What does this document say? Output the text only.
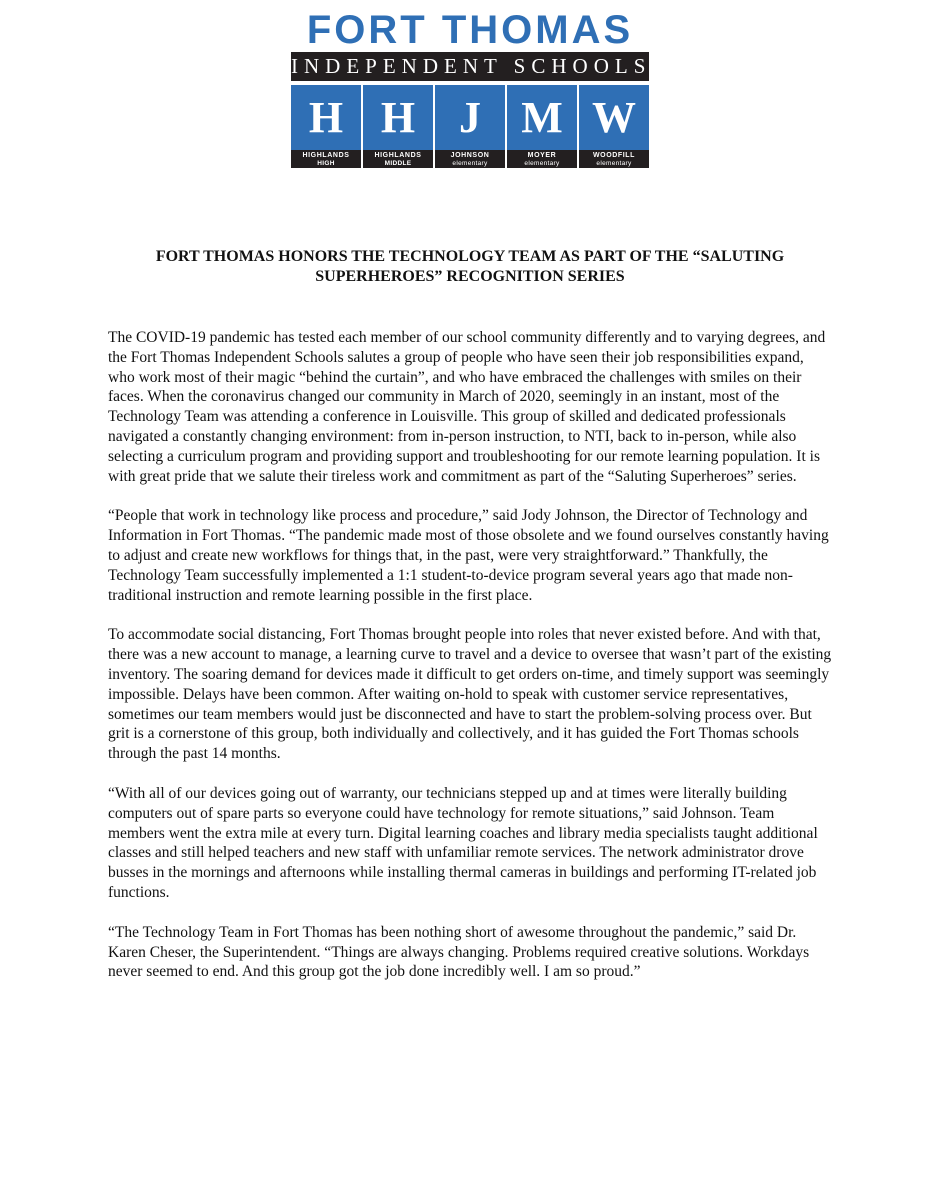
FORT THOMAS
INDEPENDENT SCHOOLS
H
HIGHLANDS
HIGH
H
HIGHLANDS
MIDDLE
J
JOHNSON
elementary
M
MOYER
elementary
W
WOODFILL
elementary
FORT THOMAS HONORS THE TECHNOLOGY TEAM AS PART OF THE “SALUTING SUPERHEROES” RECOGNITION SERIES

The COVID-19 pandemic has tested each member of our school community differently and to varying degrees, and the Fort Thomas Independent Schools salutes a group of people who have seen their job responsibilities expand, who work most of their magic “behind the curtain”, and who have embraced the challenges with smiles on their faces. When the coronavirus changed our community in March of 2020, seemingly in an instant, most of the Technology Team was attending a conference in Louisville. This group of skilled and dedicated professionals navigated a constantly changing environment: from in-person instruction, to NTI, back to in-person, while also selecting a curriculum program and providing support and troubleshooting for our remote learning population. It is with great pride that we salute their tireless work and commitment as part of the “Saluting Superheroes” series.

“People that work in technology like process and procedure,” said Jody Johnson, the Director of Technology and Information in Fort Thomas. “The pandemic made most of those obsolete and we found ourselves constantly having to adjust and create new workflows for things that, in the past, were very straightforward.” Thankfully, the Technology Team successfully implemented a 1:1 student-to-device program several years ago that made non-traditional instruction and remote learning possible in the first place.

To accommodate social distancing, Fort Thomas brought people into roles that never existed before. And with that, there was a new account to manage, a learning curve to travel and a device to oversee that wasn’t part of the existing inventory. The soaring demand for devices made it difficult to get orders on-time, and timely support was seemingly impossible. Delays have been common. After waiting on-hold to speak with customer service representatives, sometimes our team members would just be disconnected and have to start the problem-solving process over. But grit is a cornerstone of this group, both individually and collectively, and it has guided the Fort Thomas schools through the past 14 months.

“With all of our devices going out of warranty, our technicians stepped up and at times were literally building computers out of spare parts so everyone could have technology for remote situations,” said Johnson. Team members went the extra mile at every turn. Digital learning coaches and library media specialists taught additional classes and still helped teachers and new staff with unfamiliar remote services. The network administrator drove busses in the mornings and afternoons while installing thermal cameras in buildings and performing IT-related job functions.

“The Technology Team in Fort Thomas has been nothing short of awesome throughout the pandemic,” said Dr. Karen Cheser, the Superintendent. “Things are always changing. Problems required creative solutions. Workdays never seemed to end. And this group got the job done incredibly well. I am so proud.”
